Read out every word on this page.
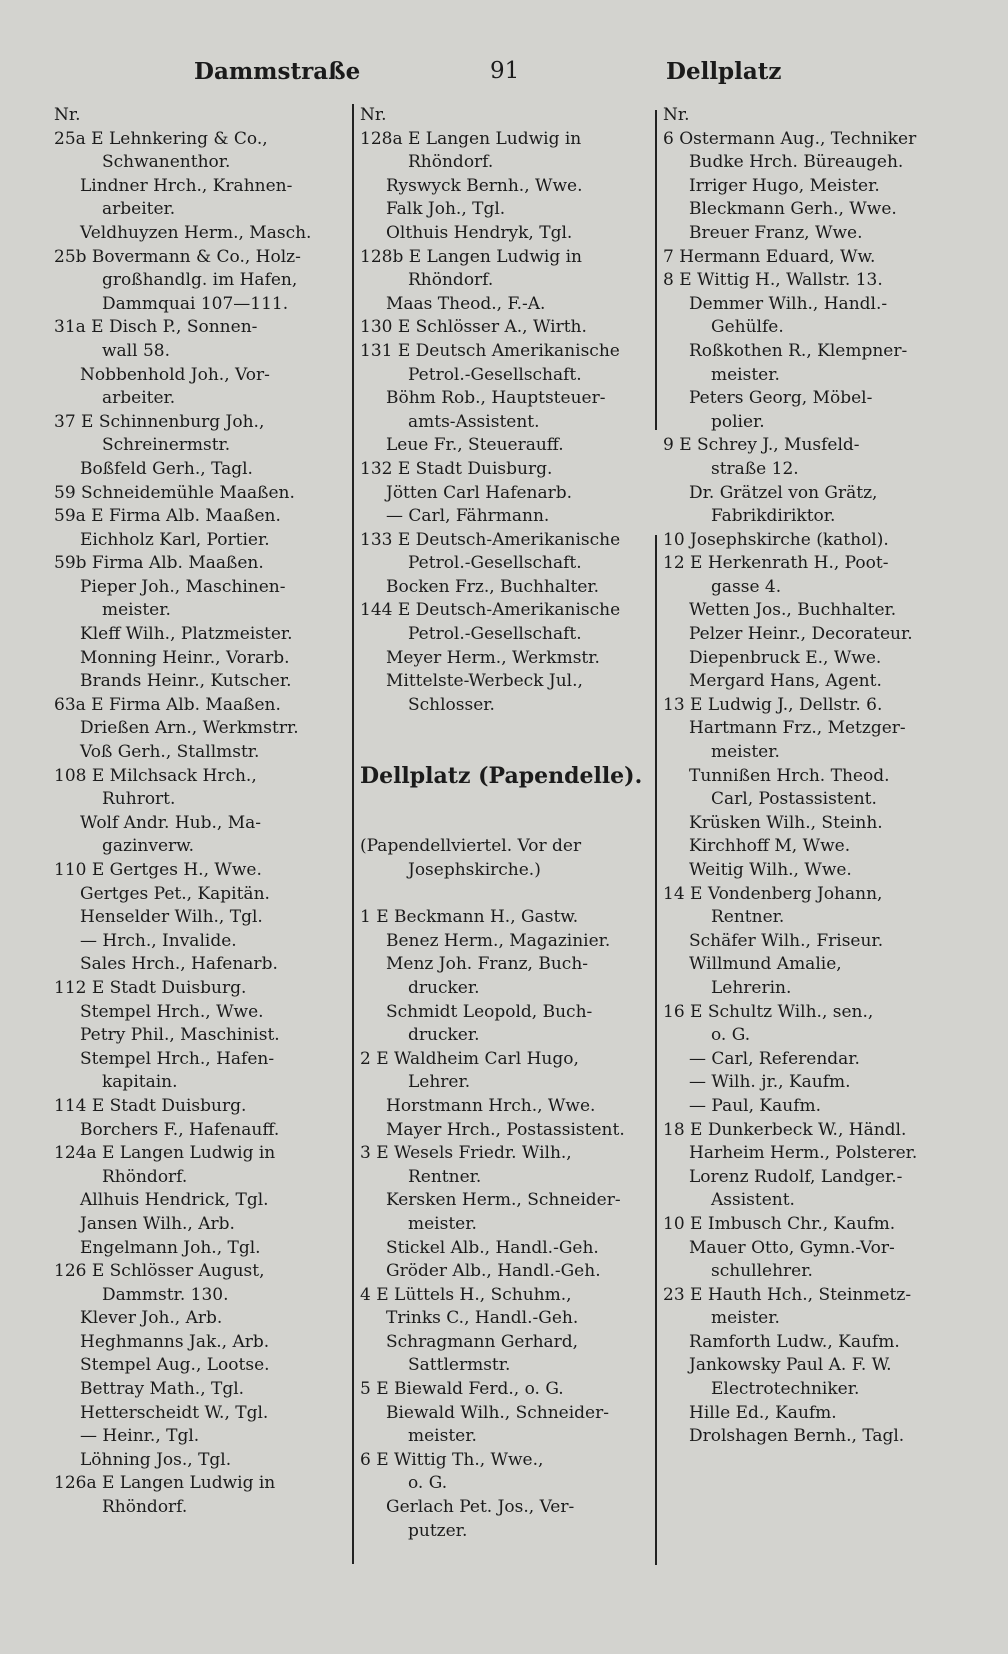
Dammstraße	91	Dellplatz
Nr.
25a E Lehnkering & Co.,
Schwanenthor.
Lindner Hrch., Krahnen-
arbeiter.
Veldhuyzen Herm., Masch.
25b Bovermann & Co., Holz-
großhandlg. im Hafen,
Dammquai 107—111.
31a E Disch P., Sonnen-
wall 58.
Nobbenhold Joh., Vor-
arbeiter.
37 E Schinnenburg Joh.,
Schreinermstr.
Boßfeld Gerh., Tagl.
59 Schneidemühle Maaßen.
59a E Firma Alb. Maaßen.
Eichholz Karl, Portier.
59b Firma Alb. Maaßen.
Pieper Joh., Maschinen-
meister.
Kleff Wilh., Platzmeister.
Monning Heinr., Vorarb.
Brands Heinr., Kutscher.
63a E Firma Alb. Maaßen.
Drießen Arn., Werkmstrr.
Voß Gerh., Stallmstr.
108 E Milchsack Hrch.,
Ruhrort.
Wolf Andr. Hub., Ma-
gazinverw.
110 E Gertges H., Wwe.
Gertges Pet., Kapitän.
Henselder Wilh., Tgl.
— Hrch., Invalide.
Sales Hrch., Hafenarb.
112 E Stadt Duisburg.
Stempel Hrch., Wwe.
Petry Phil., Maschinist.
Stempel Hrch., Hafen-
kapitain.
114 E Stadt Duisburg.
Borchers F., Hafenauff.
124a E Langen Ludwig in
Rhöndorf.
Allhuis Hendrick, Tgl.
Jansen Wilh., Arb.
Engelmann Joh., Tgl.
126 E Schlösser August,
Dammstr. 130.
Klever Joh., Arb.
Heghmanns Jak., Arb.
Stempel Aug., Lootse.
Bettray Math., Tgl.
Hetterscheidt W., Tgl.
— Heinr., Tgl.
Löhning Jos., Tgl.
126a E Langen Ludwig in
Rhöndorf.
Nr.
128a E Langen Ludwig in
Rhöndorf.
Ryswyck Bernh., Wwe.
Falk Joh., Tgl.
Olthuis Hendryk, Tgl.
128b E Langen Ludwig in
Rhöndorf.
Maas Theod., F.-A.
130 E Schlösser A., Wirth.
131 E Deutsch Amerikanische
Petrol.-Gesellschaft.
Böhm Rob., Hauptsteuer-
amts-Assistent.
Leue Fr., Steuerauff.
132 E Stadt Duisburg.
Jötten Carl Hafenarb.
— Carl, Fährmann.
133 E Deutsch-Amerikanische
Petrol.-Gesellschaft.
Bocken Frz., Buchhalter.
144 E Deutsch-Amerikanische
Petrol.-Gesellschaft.
Meyer Herm., Werkmstr.
Mittelste-Werbeck Jul.,
Schlosser.
Dellplatz (Papendelle).
(Papendellviertel. Vor der
Josephskirche.)
1 E Beckmann H., Gastw.
Benez Herm., Magazinier.
Menz Joh. Franz, Buch-
drucker.
Schmidt Leopold, Buch-
drucker.
2 E Waldheim Carl Hugo,
Lehrer.
Horstmann Hrch., Wwe.
Mayer Hrch., Postassistent.
3 E Wesels Friedr. Wilh.,
Rentner.
Kersken Herm., Schneider-
meister.
Stickel Alb., Handl.-Geh.
Gröder Alb., Handl.-Geh.
4 E Lüttels H., Schuhm.,
Trinks C., Handl.-Geh.
Schragmann Gerhard,
Sattlermstr.
5 E Biewald Ferd., o. G.
Biewald Wilh., Schneider-
meister.
6 E Wittig Th., Wwe.,
o. G.
Gerlach Pet. Jos., Ver-
putzer.
Nr.
6 Ostermann Aug., Techniker
Budke Hrch. Büreaugeh.
Irriger Hugo, Meister.
Bleckmann Gerh., Wwe.
Breuer Franz, Wwe.
7 Hermann Eduard, Ww.
8 E Wittig H., Wallstr. 13.
Demmer Wilh., Handl.-
Gehülfe.
Roßkothen R., Klempner-
meister.
Peters Georg, Möbel-
polier.
9 E Schrey J., Musfeld-
straße 12.
Dr. Grätzel von Grätz,
Fabrikdiriktor.
10 Josephskirche (kathol).
12 E Herkenrath H., Poot-
gasse 4.
Wetten Jos., Buchhalter.
Pelzer Heinr., Decorateur.
Diepenbruck E., Wwe.
Mergard Hans, Agent.
13 E Ludwig J., Dellstr. 6.
Hartmann Frz., Metzger-
meister.
Tunnißen Hrch. Theod.
Carl, Postassistent.
Krüsken Wilh., Steinh.
Kirchhoff M, Wwe.
Weitig Wilh., Wwe.
14 E Vondenberg Johann,
Rentner.
Schäfer Wilh., Friseur.
Willmund Amalie,
Lehrerin.
16 E Schultz Wilh., sen.,
o. G.
— Carl, Referendar.
— Wilh. jr., Kaufm.
— Paul, Kaufm.
18 E Dunkerbeck W., Händl.
Harheim Herm., Polsterer.
Lorenz Rudolf, Landger.-
Assistent.
10 E Imbusch Chr., Kaufm.
Mauer Otto, Gymn.-Vor-
schullehrer.
23 E Hauth Hch., Steinmetz-
meister.
Ramforth Ludw., Kaufm.
Jankowsky Paul A. F. W.
Electrotechniker.
Hille Ed., Kaufm.
Drolshagen Bernh., Tagl.
